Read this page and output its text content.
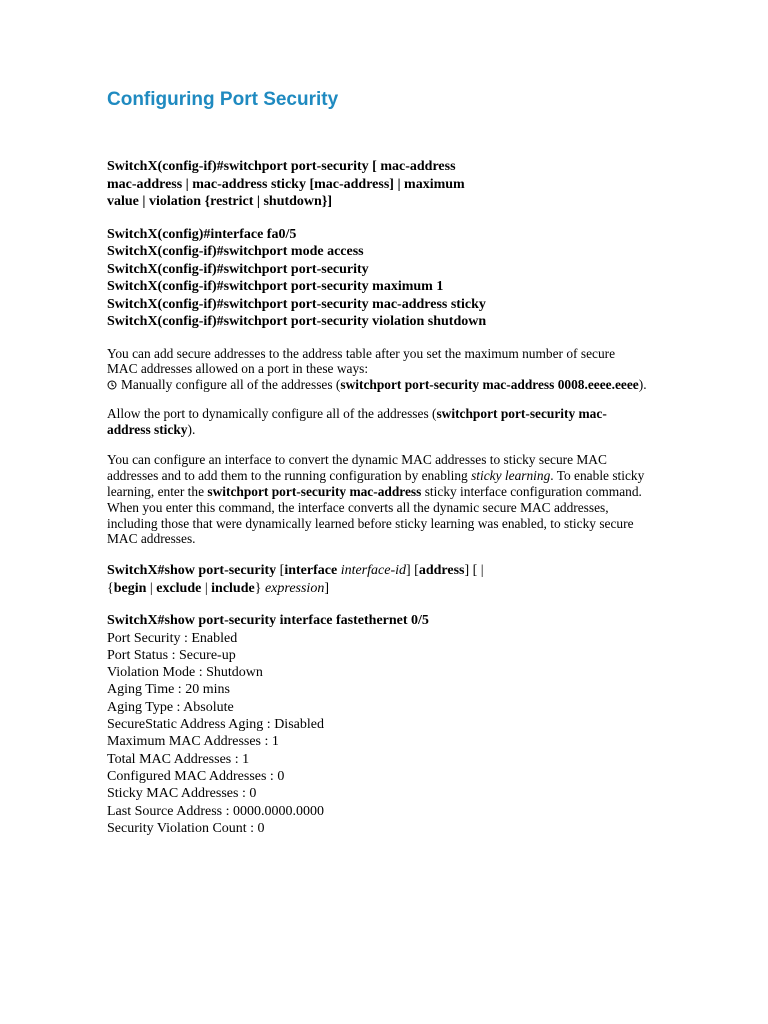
Configuring Port Security
SwitchX(config-if)#switchport port-security [ mac-address
mac-address | mac-address sticky [mac-address] | maximum
value | violation {restrict | shutdown}]
SwitchX(config)#interface fa0/5
SwitchX(config-if)#switchport mode access
SwitchX(config-if)#switchport port-security
SwitchX(config-if)#switchport port-security maximum 1
SwitchX(config-if)#switchport port-security mac-address sticky
SwitchX(config-if)#switchport port-security violation shutdown

You can add secure addresses to the address table after you set the maximum number of secure MAC addresses allowed on a port in these ways:
Manually configure all of the addresses (switchport port-security mac-address 0008.eeee.eeee).

Allow the port to dynamically configure all of the addresses (switchport port-security mac-address sticky).

You can configure an interface to convert the dynamic MAC addresses to sticky secure MAC addresses and to add them to the running configuration by enabling sticky learning. To enable sticky learning, enter the switchport port-security mac-address sticky interface configuration command. When you enter this command, the interface converts all the dynamic secure MAC addresses, including those that were dynamically learned before sticky learning was enabled, to sticky secure MAC addresses.

SwitchX#show port-security [interface interface-id] [address] [ |
{begin | exclude | include} expression]
SwitchX#show port-security interface fastethernet 0/5
Port Security : Enabled
Port Status : Secure-up
Violation Mode : Shutdown
Aging Time : 20 mins
Aging Type : Absolute
SecureStatic Address Aging : Disabled
Maximum MAC Addresses : 1
Total MAC Addresses : 1
Configured MAC Addresses : 0
Sticky MAC Addresses : 0
Last Source Address : 0000.0000.0000
Security Violation Count : 0
